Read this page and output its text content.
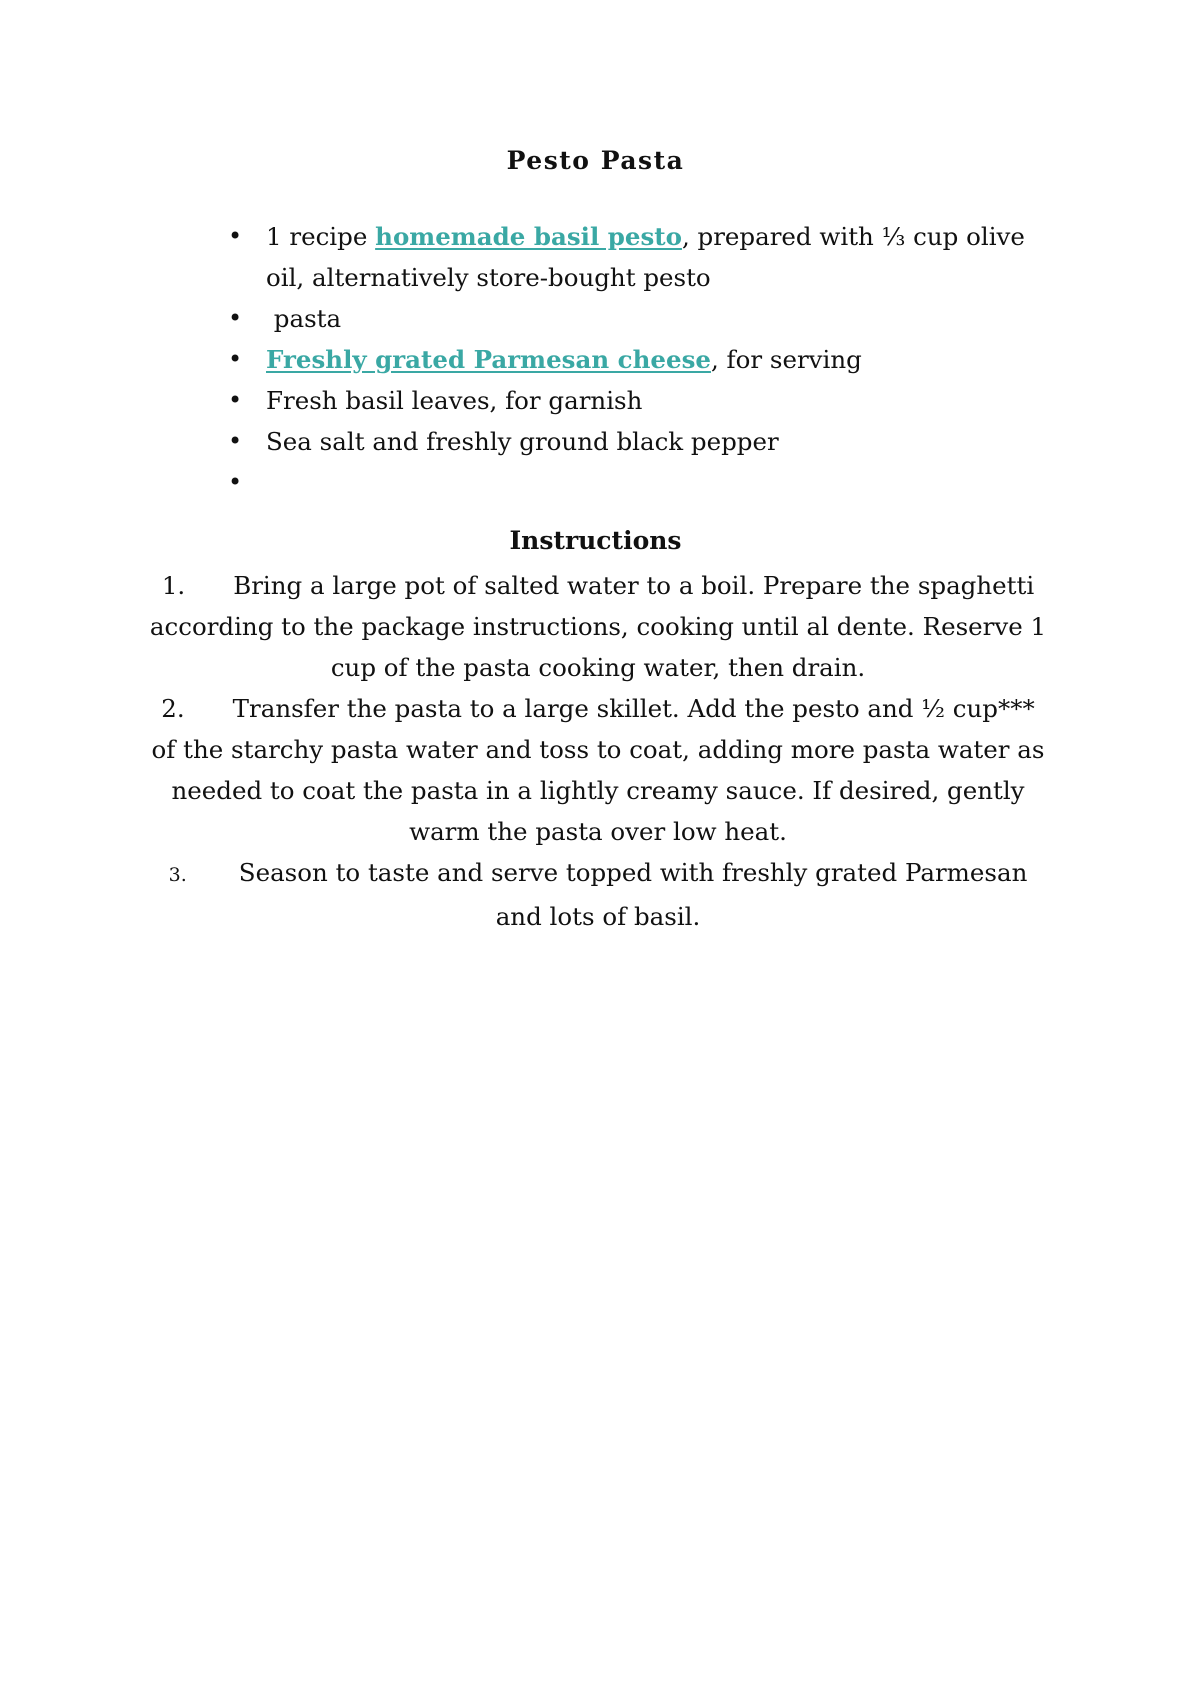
Pesto Pasta
• 1 recipe homemade basil pesto, prepared with ⅓ cup olive oil, alternatively store-bought pesto
• pasta
• Freshly grated Parmesan cheese, for serving
• Fresh basil leaves, for garnish
• Sea salt and freshly ground black pepper
•
Instructions
1. Bring a large pot of salted water to a boil. Prepare the spaghetti according to the package instructions, cooking until al dente. Reserve 1 cup of the pasta cooking water, then drain.
2. Transfer the pasta to a large skillet. Add the pesto and ½ cup*** of the starchy pasta water and toss to coat, adding more pasta water as needed to coat the pasta in a lightly creamy sauce. If desired, gently warm the pasta over low heat.
3. Season to taste and serve topped with freshly grated Parmesan and lots of basil.
